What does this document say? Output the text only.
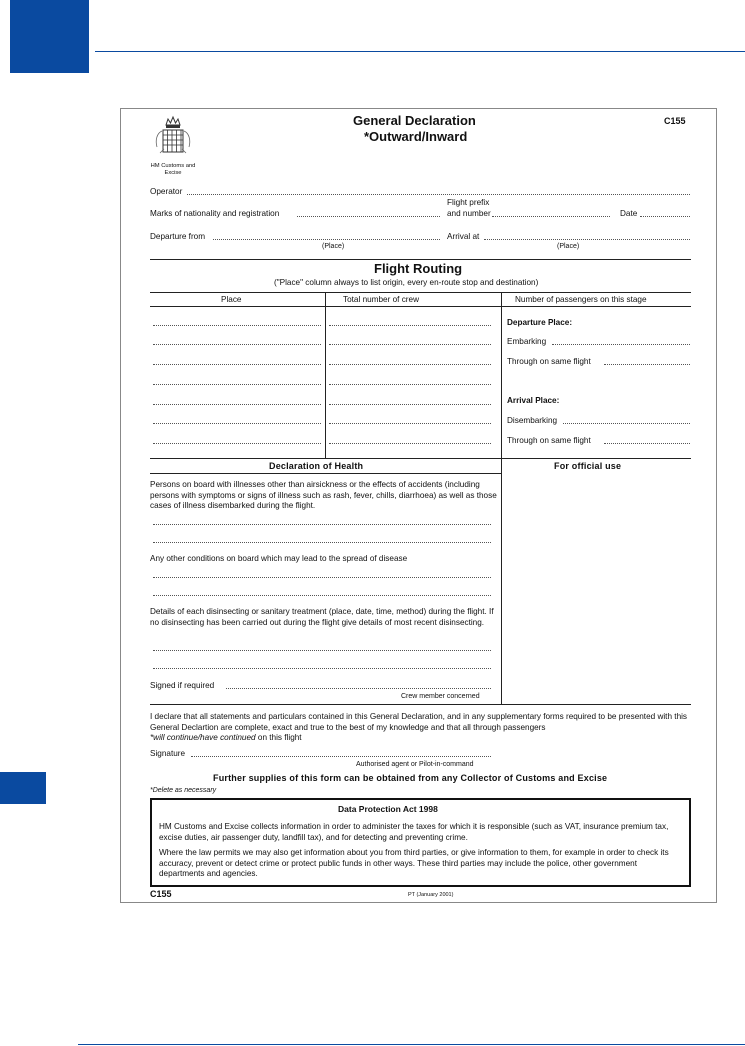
HM Customs and Excise
General Declaration
*Outward/Inward
C155
Operator
Marks of nationality and registration
Flight prefix
and number	Date
Departure from
(Place)
Arrival at
(Place)
Flight Routing
("Place" column always to list origin, every en-route stop and destination)
Place	Total number of crew	Number of passengers on this stage
Departure Place:
Embarking
Through on same flight
Arrival Place:
Disembarking
Through on same flight
Declaration of Health	For official use
Persons on board with illnesses other than airsickness or the effects of accidents (including persons with symptoms or signs of illness such as rash, fever, chills, diarrhoea) as well as those cases of illness disembarked during the flight.
Any other conditions on board which may lead to the spread of disease
Details of each disinsecting or sanitary treatment (place, date, time, method) during the flight. If no disinsecting has been carried out during the flight give details of most recent disinsecting.
Signed if required
Crew member concerned
I declare that all statements and particulars contained in this General Declaration, and in any supplementary forms required to be presented with this General Declartion are complete, exact and true to the best of my knowledge and that all through passengers
*will continue/have continued on this flight
Signature
Authorised agent or Pilot-in-command
Further supplies of this form can be obtained from any Collector of Customs and Excise
*Delete as necessary
Data Protection Act 1998
HM Customs and Excise collects information in order to administer the taxes for which it is responsible (such as VAT, insurance premium tax, excise duties, air passenger duty, landfill tax), and for detecting and preventing crime.
Where the law permits we may also get information about you from third parties, or give information to them, for example in order to check its accuracy, prevent or detect crime or protect public funds in other ways. These third parties may include the police, other government departments and agencies.
C155	PT (January 2001)
